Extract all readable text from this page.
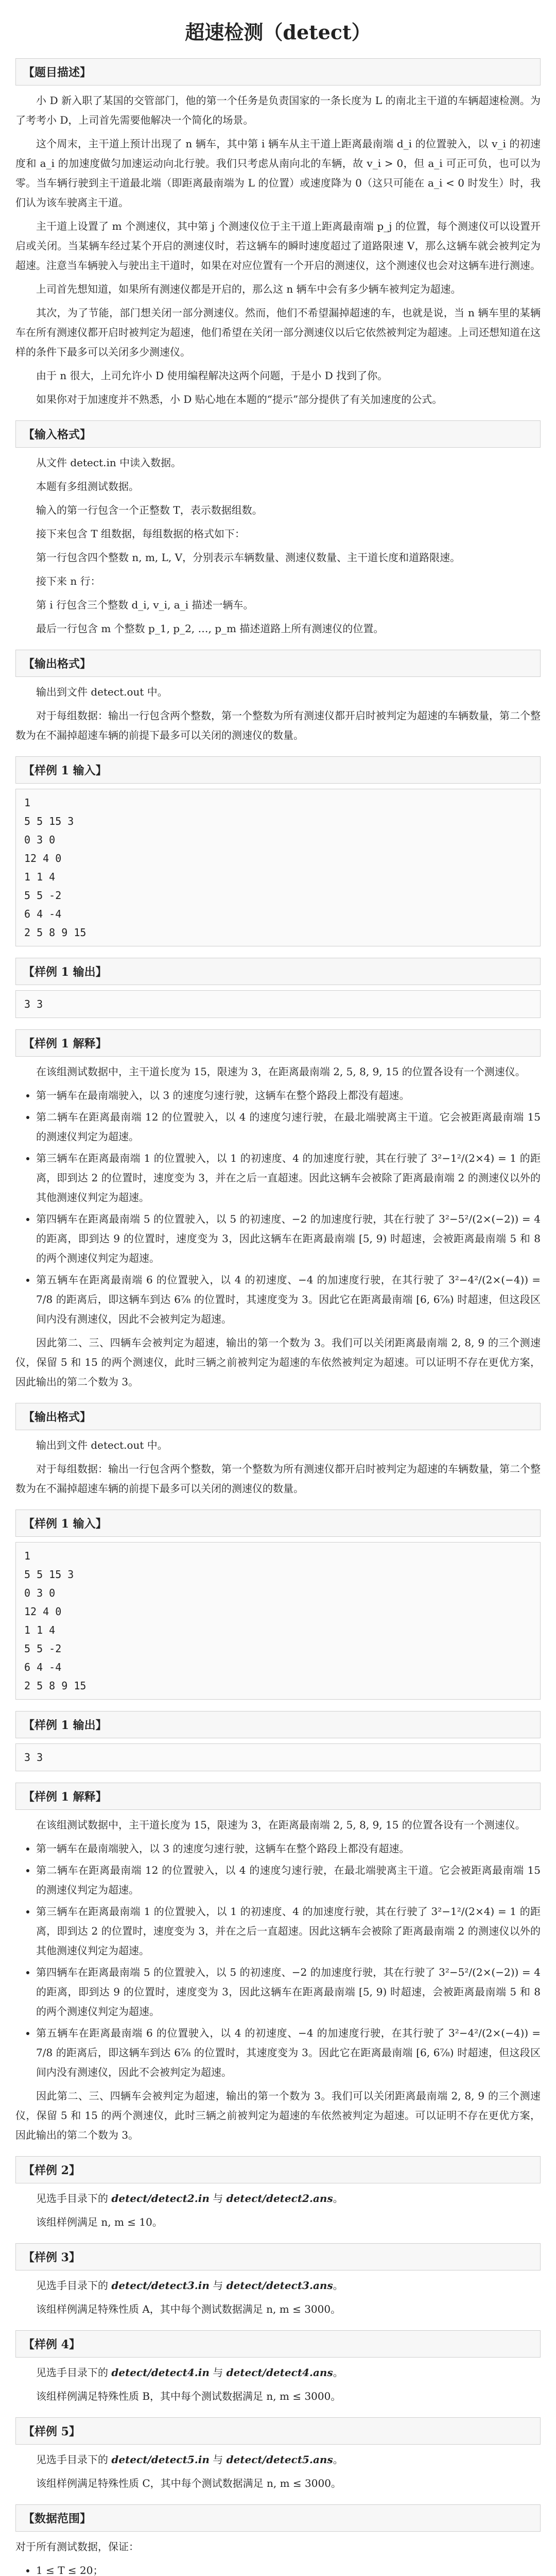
超速检测（detect）
【题目描述】

小 D 新入职了某国的交管部门，他的第一个任务是负责国家的一条长度为 L 的南北主干道的车辆超速检测。为了考考小 D，上司首先需要他解决一个简化的场景。

这个周末，主干道上预计出现了 n 辆车，其中第 i 辆车从主干道上距离最南端 d_i 的位置驶入，以 v_i 的初速度和 a_i 的加速度做匀加速运动向北行驶。我们只考虑从南向北的车辆，故 v_i > 0，但 a_i 可正可负，也可以为零。当车辆行驶到主干道最北端（即距离最南端为 L 的位置）或速度降为 0（这只可能在 a_i < 0 时发生）时，我们认为该车驶离主干道。

主干道上设置了 m 个测速仪，其中第 j 个测速仪位于主干道上距离最南端 p_j 的位置，每个测速仪可以设置开启或关闭。当某辆车经过某个开启的测速仪时，若这辆车的瞬时速度超过了道路限速 V，那么这辆车就会被判定为超速。注意当车辆驶入与驶出主干道时，如果在对应位置有一个开启的测速仪，这个测速仪也会对这辆车进行测速。

上司首先想知道，如果所有测速仪都是开启的，那么这 n 辆车中会有多少辆车被判定为超速。

其次，为了节能，部门想关闭一部分测速仪。然而，他们不希望漏掉超速的车，也就是说，当 n 辆车里的某辆车在所有测速仪都开启时被判定为超速，他们希望在关闭一部分测速仪以后它依然被判定为超速。上司还想知道在这样的条件下最多可以关闭多少测速仪。

由于 n 很大，上司允许小 D 使用编程解决这两个问题，于是小 D 找到了你。

如果你对于加速度并不熟悉，小 D 贴心地在本题的“提示”部分提供了有关加速度的公式。

【输入格式】

从文件 detect.in 中读入数据。

本题有多组测试数据。

输入的第一行包含一个正整数 T，表示数据组数。

接下来包含 T 组数据，每组数据的格式如下：

第一行包含四个整数 n, m, L, V，分别表示车辆数量、测速仪数量、主干道长度和道路限速。

接下来 n 行：

第 i 行包含三个整数 d_i, v_i, a_i 描述一辆车。

最后一行包含 m 个整数 p_1, p_2, …, p_m 描述道路上所有测速仪的位置。

【输出格式】

输出到文件 detect.out 中。

对于每组数据：输出一行包含两个整数，第一个整数为所有测速仪都开启时被判定为超速的车辆数量，第二个整数为在不漏掉超速车辆的前提下最多可以关闭的测速仪的数量。

【样例 1 输入】
1
5 5 15 3
0 3 0
12 4 0
1 1 4
5 5 -2
6 4 -4
2 5 8 9 15
【样例 1 输出】
3 3
【样例 1 解释】

在该组测试数据中，主干道长度为 15，限速为 3，在距离最南端 2, 5, 8, 9, 15 的位置各设有一个测速仪。

• 第一辆车在最南端驶入，以 3 的速度匀速行驶，这辆车在整个路段上都没有超速。
• 第二辆车在距离最南端 12 的位置驶入，以 4 的速度匀速行驶，在最北端驶离主干道。它会被距离最南端 15 的测速仪判定为超速。
• 第三辆车在距离最南端 1 的位置驶入，以 1 的初速度、4 的加速度行驶，其在行驶了 3²−1²/(2×4) = 1 的距离，即到达 2 的位置时，速度变为 3，并在之后一直超速。因此这辆车会被除了距离最南端 2 的测速仪以外的其他测速仪判定为超速。
• 第四辆车在距离最南端 5 的位置驶入，以 5 的初速度、−2 的加速度行驶，其在行驶了 3²−5²/(2×(−2)) = 4 的距离，即到达 9 的位置时，速度变为 3，因此这辆车在距离最南端 [5, 9) 时超速，会被距离最南端 5 和 8 的两个测速仪判定为超速。
• 第五辆车在距离最南端 6 的位置驶入，以 4 的初速度、−4 的加速度行驶，在其行驶了 3²−4²/(2×(−4)) = 7/8 的距离后，即这辆车到达 6⅞ 的位置时，其速度变为 3。因此它在距离最南端 [6, 6⅞) 时超速，但这段区间内没有测速仪，因此不会被判定为超速。

因此第二、三、四辆车会被判定为超速，输出的第一个数为 3。我们可以关闭距离最南端 2, 8, 9 的三个测速仪，保留 5 和 15 的两个测速仪，此时三辆之前被判定为超速的车依然被判定为超速。可以证明不存在更优方案，因此输出的第二个数为 3。

【输出格式】

输出到文件 detect.out 中。

对于每组数据：输出一行包含两个整数，第一个整数为所有测速仪都开启时被判定为超速的车辆数量，第二个整数为在不漏掉超速车辆的前提下最多可以关闭的测速仪的数量。

【样例 1 输入】
1
5 5 15 3
0 3 0
12 4 0
1 1 4
5 5 -2
6 4 -4
2 5 8 9 15
【样例 1 输出】
3 3
【样例 1 解释】

在该组测试数据中，主干道长度为 15，限速为 3，在距离最南端 2, 5, 8, 9, 15 的位置各设有一个测速仪。

• 第一辆车在最南端驶入，以 3 的速度匀速行驶，这辆车在整个路段上都没有超速。
• 第二辆车在距离最南端 12 的位置驶入，以 4 的速度匀速行驶，在最北端驶离主干道。它会被距离最南端 15 的测速仪判定为超速。
• 第三辆车在距离最南端 1 的位置驶入，以 1 的初速度、4 的加速度行驶，其在行驶了 3²−1²/(2×4) = 1 的距离，即到达 2 的位置时，速度变为 3，并在之后一直超速。因此这辆车会被除了距离最南端 2 的测速仪以外的其他测速仪判定为超速。
• 第四辆车在距离最南端 5 的位置驶入，以 5 的初速度、−2 的加速度行驶，其在行驶了 3²−5²/(2×(−2)) = 4 的距离，即到达 9 的位置时，速度变为 3，因此这辆车在距离最南端 [5, 9) 时超速，会被距离最南端 5 和 8 的两个测速仪判定为超速。
• 第五辆车在距离最南端 6 的位置驶入，以 4 的初速度、−4 的加速度行驶，在其行驶了 3²−4²/(2×(−4)) = 7/8 的距离后，即这辆车到达 6⅞ 的位置时，其速度变为 3。因此它在距离最南端 [6, 6⅞) 时超速，但这段区间内没有测速仪，因此不会被判定为超速。

因此第二、三、四辆车会被判定为超速，输出的第一个数为 3。我们可以关闭距离最南端 2, 8, 9 的三个测速仪，保留 5 和 15 的两个测速仪，此时三辆之前被判定为超速的车依然被判定为超速。可以证明不存在更优方案，因此输出的第二个数为 3。

【样例 2】

见选手目录下的 detect/detect2.in 与 detect/detect2.ans。

该组样例满足 n, m ≤ 10。

【样例 3】

见选手目录下的 detect/detect3.in 与 detect/detect3.ans。

该组样例满足特殊性质 A，其中每个测试数据满足 n, m ≤ 3000。

【样例 4】

见选手目录下的 detect/detect4.in 与 detect/detect4.ans。

该组样例满足特殊性质 B，其中每个测试数据满足 n, m ≤ 3000。

【样例 5】

见选手目录下的 detect/detect5.in 与 detect/detect5.ans。

该组样例满足特殊性质 C，其中每个测试数据满足 n, m ≤ 3000。

【数据范围】

对于所有测试数据，保证：

• 1 ≤ T ≤ 20；
